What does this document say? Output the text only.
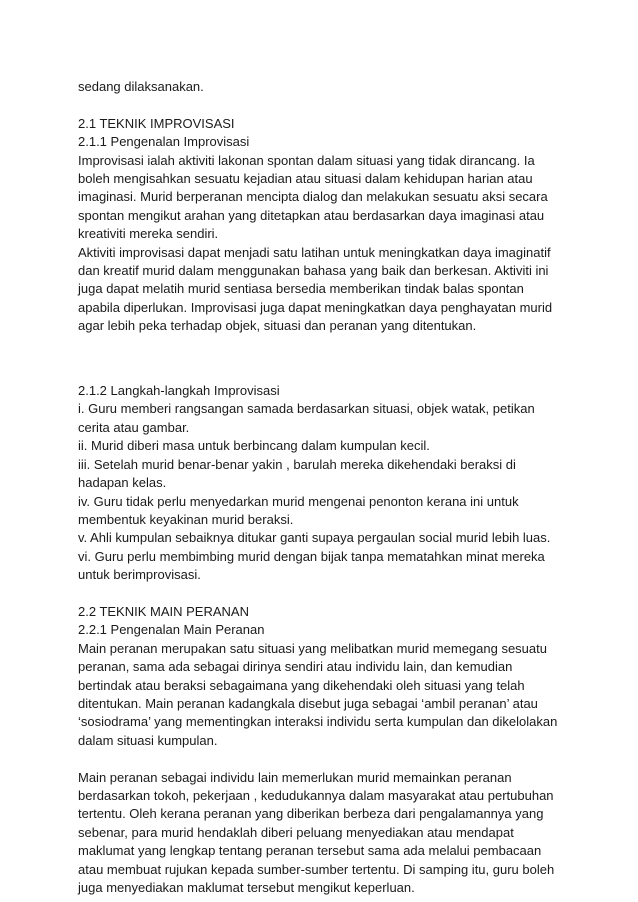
sedang dilaksanakan.
2.1 TEKNIK IMPROVISASI
2.1.1 Pengenalan Improvisasi
Improvisasi ialah aktiviti lakonan spontan dalam situasi yang tidak dirancang. Ia
boleh mengisahkan sesuatu kejadian atau situasi dalam kehidupan harian atau
imaginasi. Murid berperanan mencipta dialog dan melakukan sesuatu aksi secara
spontan mengikut arahan yang ditetapkan atau berdasarkan daya imaginasi atau
kreativiti mereka sendiri.
Aktiviti improvisasi dapat menjadi satu latihan untuk meningkatkan daya imaginatif
dan kreatif murid dalam menggunakan bahasa yang baik dan berkesan. Aktiviti ini
juga dapat melatih murid sentiasa bersedia memberikan tindak balas spontan
apabila diperlukan. Improvisasi juga dapat meningkatkan daya penghayatan murid
agar lebih peka terhadap objek, situasi dan peranan yang ditentukan.
2.1.2 Langkah-langkah Improvisasi
i. Guru memberi rangsangan samada berdasarkan situasi, objek watak, petikan
cerita atau gambar.
ii. Murid diberi masa untuk berbincang dalam kumpulan kecil.
iii. Setelah murid benar-benar yakin , barulah mereka dikehendaki beraksi di
hadapan kelas.
iv. Guru tidak perlu menyedarkan murid mengenai penonton kerana ini untuk
membentuk keyakinan murid beraksi.
v. Ahli kumpulan sebaiknya ditukar ganti supaya pergaulan social murid lebih luas.
vi. Guru perlu membimbing murid dengan bijak tanpa mematahkan minat mereka
untuk berimprovisasi.
2.2 TEKNIK MAIN PERANAN
2.2.1 Pengenalan Main Peranan
Main peranan merupakan satu situasi yang melibatkan murid memegang sesuatu
peranan, sama ada sebagai dirinya sendiri atau individu lain, dan kemudian
bertindak atau beraksi sebagaimana yang dikehendaki oleh situasi yang telah
ditentukan. Main peranan kadangkala disebut juga sebagai ‘ambil peranan’ atau
‘sosiodrama’ yang mementingkan interaksi individu serta kumpulan dan dikelolakan
dalam situasi kumpulan.
Main peranan sebagai individu lain memerlukan murid memainkan peranan
berdasarkan tokoh, pekerjaan , kedudukannya dalam masyarakat atau pertubuhan
tertentu. Oleh kerana peranan yang diberikan berbeza dari pengalamannya yang
sebenar, para murid hendaklah diberi peluang menyediakan atau mendapat
maklumat yang lengkap tentang peranan tersebut sama ada melalui pembacaan
atau membuat rujukan kepada sumber-sumber tertentu. Di samping itu, guru boleh
juga menyediakan maklumat tersebut mengikut keperluan.
